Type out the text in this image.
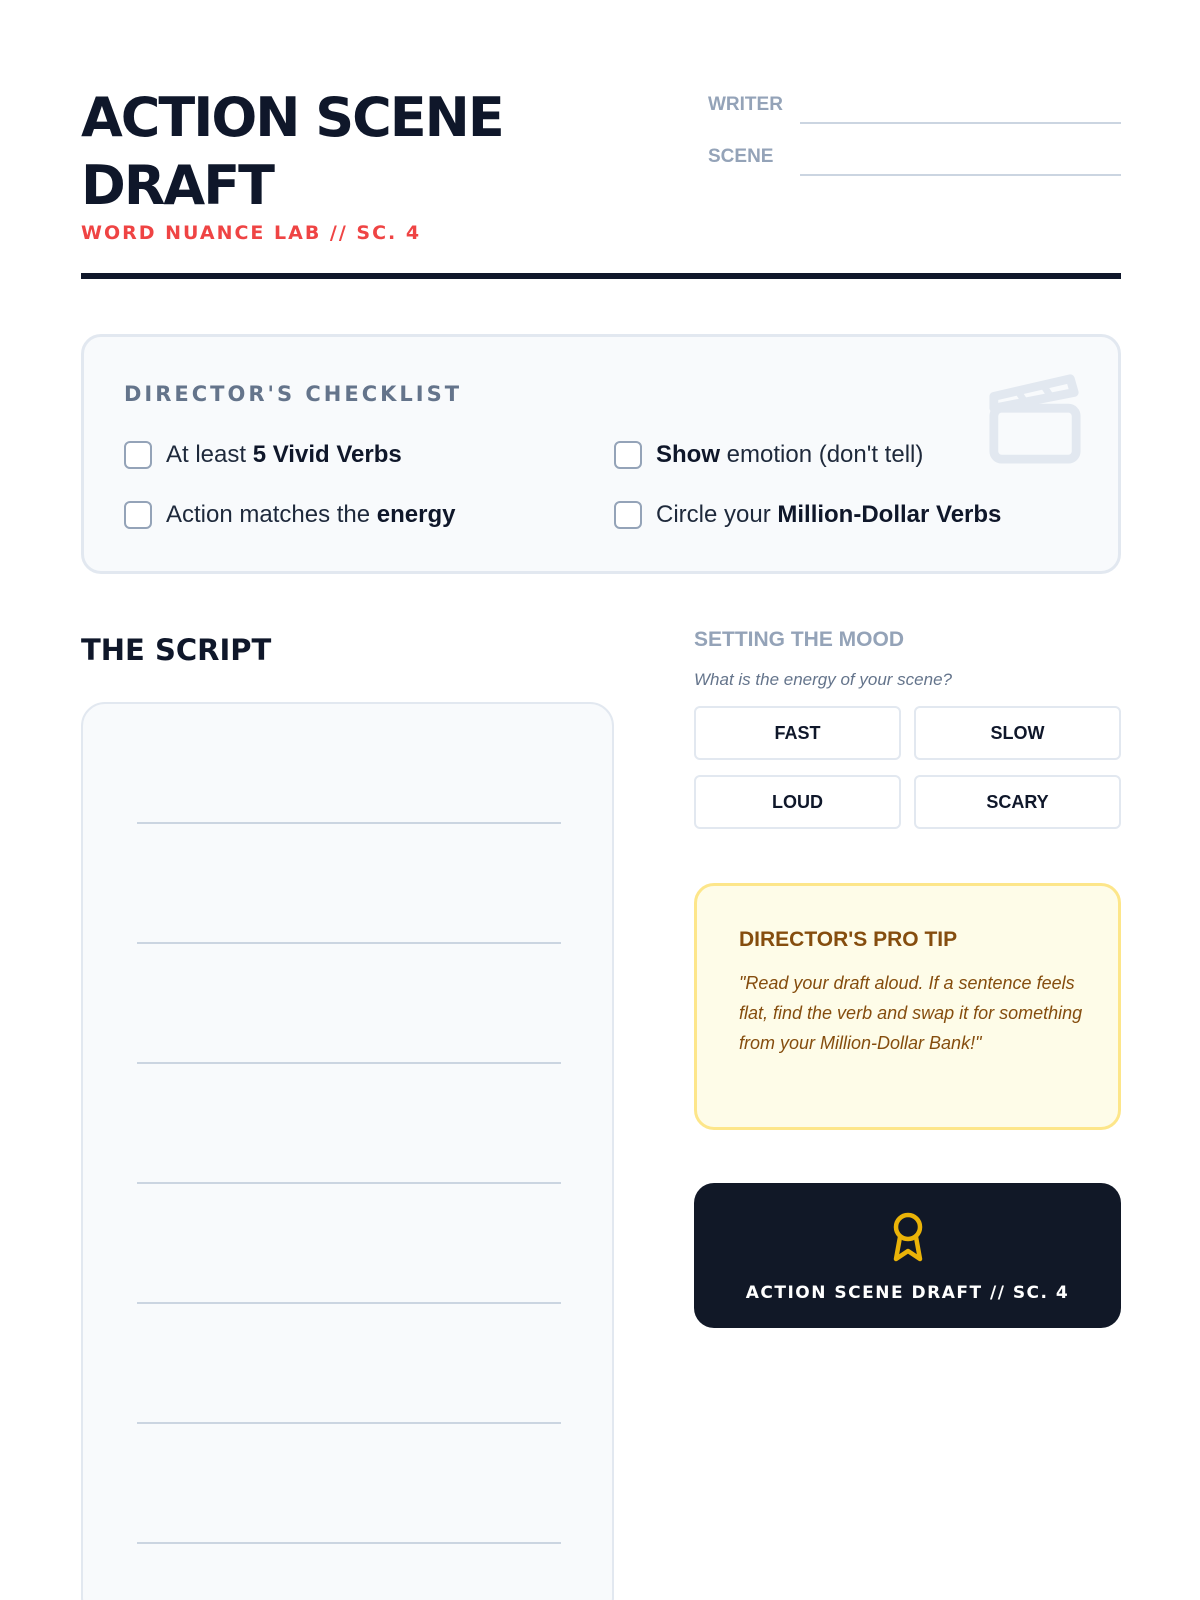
ACTION SCENE DRAFT
WORD NUANCE LAB // SC. 4
WRITER
SCENE
DIRECTOR'S CHECKLIST
At least 5 Vivid Verbs	Show emotion (don't tell)
Action matches the energy	Circle your Million-Dollar Verbs
THE SCRIPT	SETTING THE MOOD
What is the energy of your scene?
FAST	SLOW
LOUD	SCARY
DIRECTOR'S PRO TIP
"Read your draft aloud. If a sentence feels flat, find the verb and swap it for something from your Million-Dollar Bank!"
ACTION SCENE DRAFT // SC. 4
